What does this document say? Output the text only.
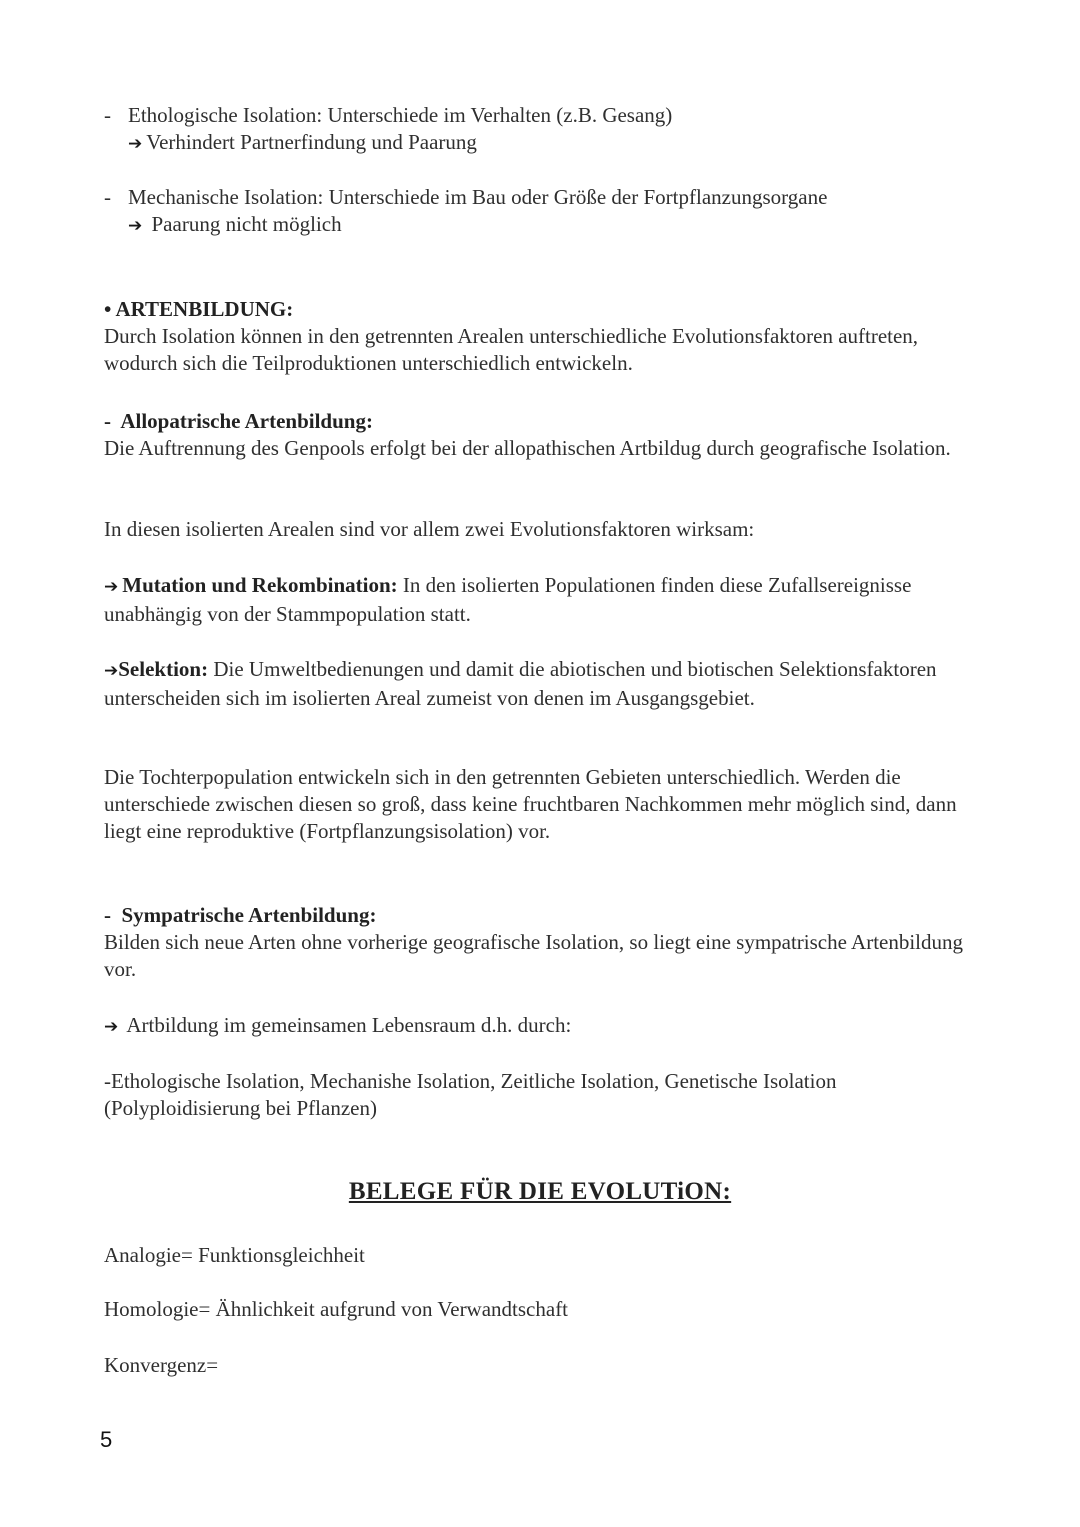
- Ethologische Isolation: Unterschiede im Verhalten (z.B. Gesang)
➔ Verhindert Partnerfindung und Paarung
- Mechanische Isolation: Unterschiede im Bau oder Größe der Fortpflanzungsorgane
➔ Paarung nicht möglich
• ARTENBILDUNG:
Durch Isolation können in den getrennten Arealen unterschiedliche Evolutionsfaktoren auftreten, wodurch sich die Teilproduktionen unterschiedlich entwickeln.
- Allopatrische Artenbildung:
Die Auftrennung des Genpools erfolgt bei der allopathischen Artbildug durch geografische Isolation.
In diesen isolierten Arealen sind vor allem zwei Evolutionsfaktoren wirksam:
➔ Mutation und Rekombination: In den isolierten Populationen finden diese Zufallsereignisse unabhängig von der Stammpopulation statt.
➔Selektion: Die Umweltbedienungen und damit die abiotischen und biotischen Selektionsfaktoren unterscheiden sich im isolierten Areal zumeist von denen im Ausgangsgebiet.
Die Tochterpopulation entwickeln sich in den getrennten Gebieten unterschiedlich. Werden die unterschiede zwischen diesen so groß, dass keine fruchtbaren Nachkommen mehr möglich sind, dann liegt eine reproduktive (Fortpflanzungsisolation) vor.
- Sympatrische Artenbildung:
Bilden sich neue Arten ohne vorherige geografische Isolation, so liegt eine sympatrische Artenbildung vor.
➔ Artbildung im gemeinsamen Lebensraum d.h. durch:
-Ethologische Isolation, Mechanishe Isolation, Zeitliche Isolation, Genetische Isolation (Polyploidisierung bei Pflanzen)
BELEGE FÜR DIE EVOLUTiON:
Analogie= Funktionsgleichheit
Homologie= Ähnlichkeit aufgrund von Verwandtschaft
Konvergenz=
5
